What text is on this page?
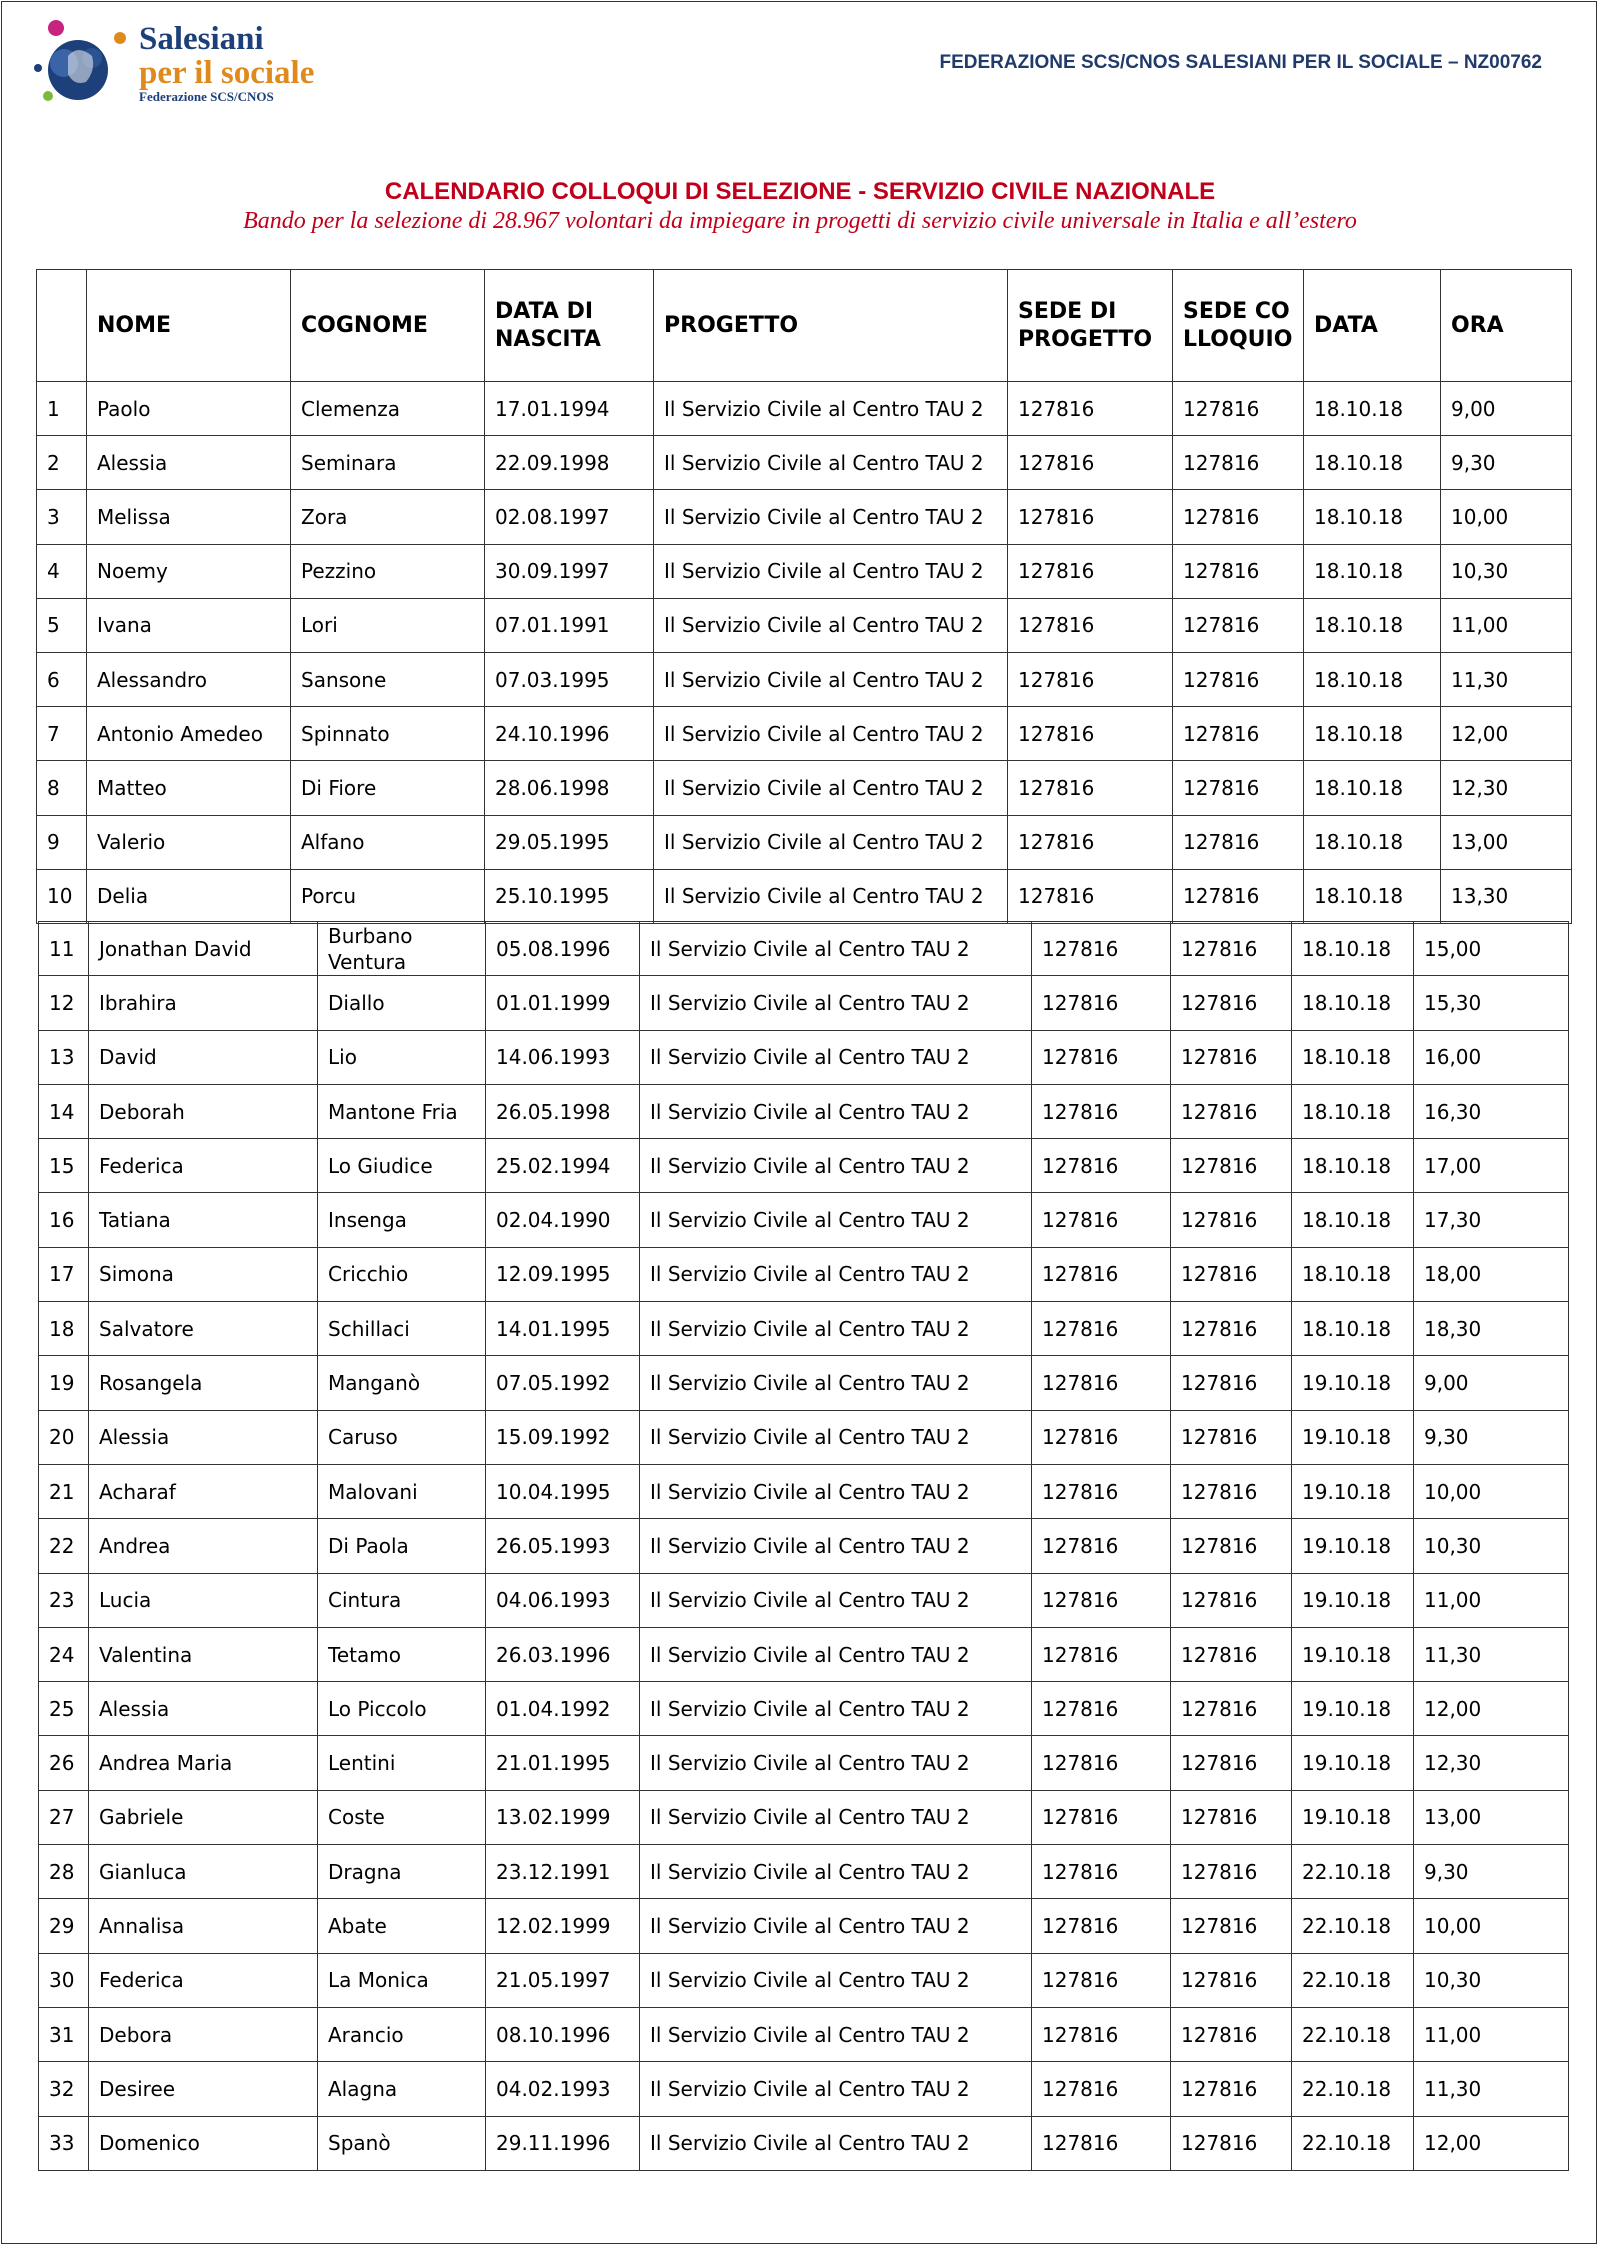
Salesiani
per il sociale
Federazione SCS/CNOS
FEDERAZIONE SCS/CNOS SALESIANI PER IL SOCIALE – NZ00762
CALENDARIO COLLOQUI DI SELEZIONE - SERVIZIO CIVILE NAZIONALE
Bando per la selezione di 28.967 volontari da impiegare in progetti di servizio civile universale in Italia e all’estero
	NOME	COGNOME	DATA DI NASCITA	PROGETTO	SEDE DI PROGETTO	SEDE COLLOQUIO	DATA	ORA
1	Paolo	Clemenza	17.01.1994	Il Servizio Civile al Centro TAU 2	127816	127816	18.10.18	9,00
2	Alessia	Seminara	22.09.1998	Il Servizio Civile al Centro TAU 2	127816	127816	18.10.18	9,30
3	Melissa	Zora	02.08.1997	Il Servizio Civile al Centro TAU 2	127816	127816	18.10.18	10,00
4	Noemy	Pezzino	30.09.1997	Il Servizio Civile al Centro TAU 2	127816	127816	18.10.18	10,30
5	Ivana	Lori	07.01.1991	Il Servizio Civile al Centro TAU 2	127816	127816	18.10.18	11,00
6	Alessandro	Sansone	07.03.1995	Il Servizio Civile al Centro TAU 2	127816	127816	18.10.18	11,30
7	Antonio Amedeo	Spinnato	24.10.1996	Il Servizio Civile al Centro TAU 2	127816	127816	18.10.18	12,00
8	Matteo	Di Fiore	28.06.1998	Il Servizio Civile al Centro TAU 2	127816	127816	18.10.18	12,30
9	Valerio	Alfano	29.05.1995	Il Servizio Civile al Centro TAU 2	127816	127816	18.10.18	13,00
10	Delia	Porcu	25.10.1995	Il Servizio Civile al Centro TAU 2	127816	127816	18.10.18	13,30
11	Jonathan David	Burbano Ventura	05.08.1996	Il Servizio Civile al Centro TAU 2	127816	127816	18.10.18	15,00
12	Ibrahira	Diallo	01.01.1999	Il Servizio Civile al Centro TAU 2	127816	127816	18.10.18	15,30
13	David	Lio	14.06.1993	Il Servizio Civile al Centro TAU 2	127816	127816	18.10.18	16,00
14	Deborah	Mantone Fria	26.05.1998	Il Servizio Civile al Centro TAU 2	127816	127816	18.10.18	16,30
15	Federica	Lo Giudice	25.02.1994	Il Servizio Civile al Centro TAU 2	127816	127816	18.10.18	17,00
16	Tatiana	Insenga	02.04.1990	Il Servizio Civile al Centro TAU 2	127816	127816	18.10.18	17,30
17	Simona	Cricchio	12.09.1995	Il Servizio Civile al Centro TAU 2	127816	127816	18.10.18	18,00
18	Salvatore	Schillaci	14.01.1995	Il Servizio Civile al Centro TAU 2	127816	127816	18.10.18	18,30
19	Rosangela	Manganò	07.05.1992	Il Servizio Civile al Centro TAU 2	127816	127816	19.10.18	9,00
20	Alessia	Caruso	15.09.1992	Il Servizio Civile al Centro TAU 2	127816	127816	19.10.18	9,30
21	Acharaf	Malovani	10.04.1995	Il Servizio Civile al Centro TAU 2	127816	127816	19.10.18	10,00
22	Andrea	Di Paola	26.05.1993	Il Servizio Civile al Centro TAU 2	127816	127816	19.10.18	10,30
23	Lucia	Cintura	04.06.1993	Il Servizio Civile al Centro TAU 2	127816	127816	19.10.18	11,00
24	Valentina	Tetamo	26.03.1996	Il Servizio Civile al Centro TAU 2	127816	127816	19.10.18	11,30
25	Alessia	Lo Piccolo	01.04.1992	Il Servizio Civile al Centro TAU 2	127816	127816	19.10.18	12,00
26	Andrea Maria	Lentini	21.01.1995	Il Servizio Civile al Centro TAU 2	127816	127816	19.10.18	12,30
27	Gabriele	Coste	13.02.1999	Il Servizio Civile al Centro TAU 2	127816	127816	19.10.18	13,00
28	Gianluca	Dragna	23.12.1991	Il Servizio Civile al Centro TAU 2	127816	127816	22.10.18	9,30
29	Annalisa	Abate	12.02.1999	Il Servizio Civile al Centro TAU 2	127816	127816	22.10.18	10,00
30	Federica	La Monica	21.05.1997	Il Servizio Civile al Centro TAU 2	127816	127816	22.10.18	10,30
31	Debora	Arancio	08.10.1996	Il Servizio Civile al Centro TAU 2	127816	127816	22.10.18	11,00
32	Desiree	Alagna	04.02.1993	Il Servizio Civile al Centro TAU 2	127816	127816	22.10.18	11,30
33	Domenico	Spanò	29.11.1996	Il Servizio Civile al Centro TAU 2	127816	127816	22.10.18	12,00
